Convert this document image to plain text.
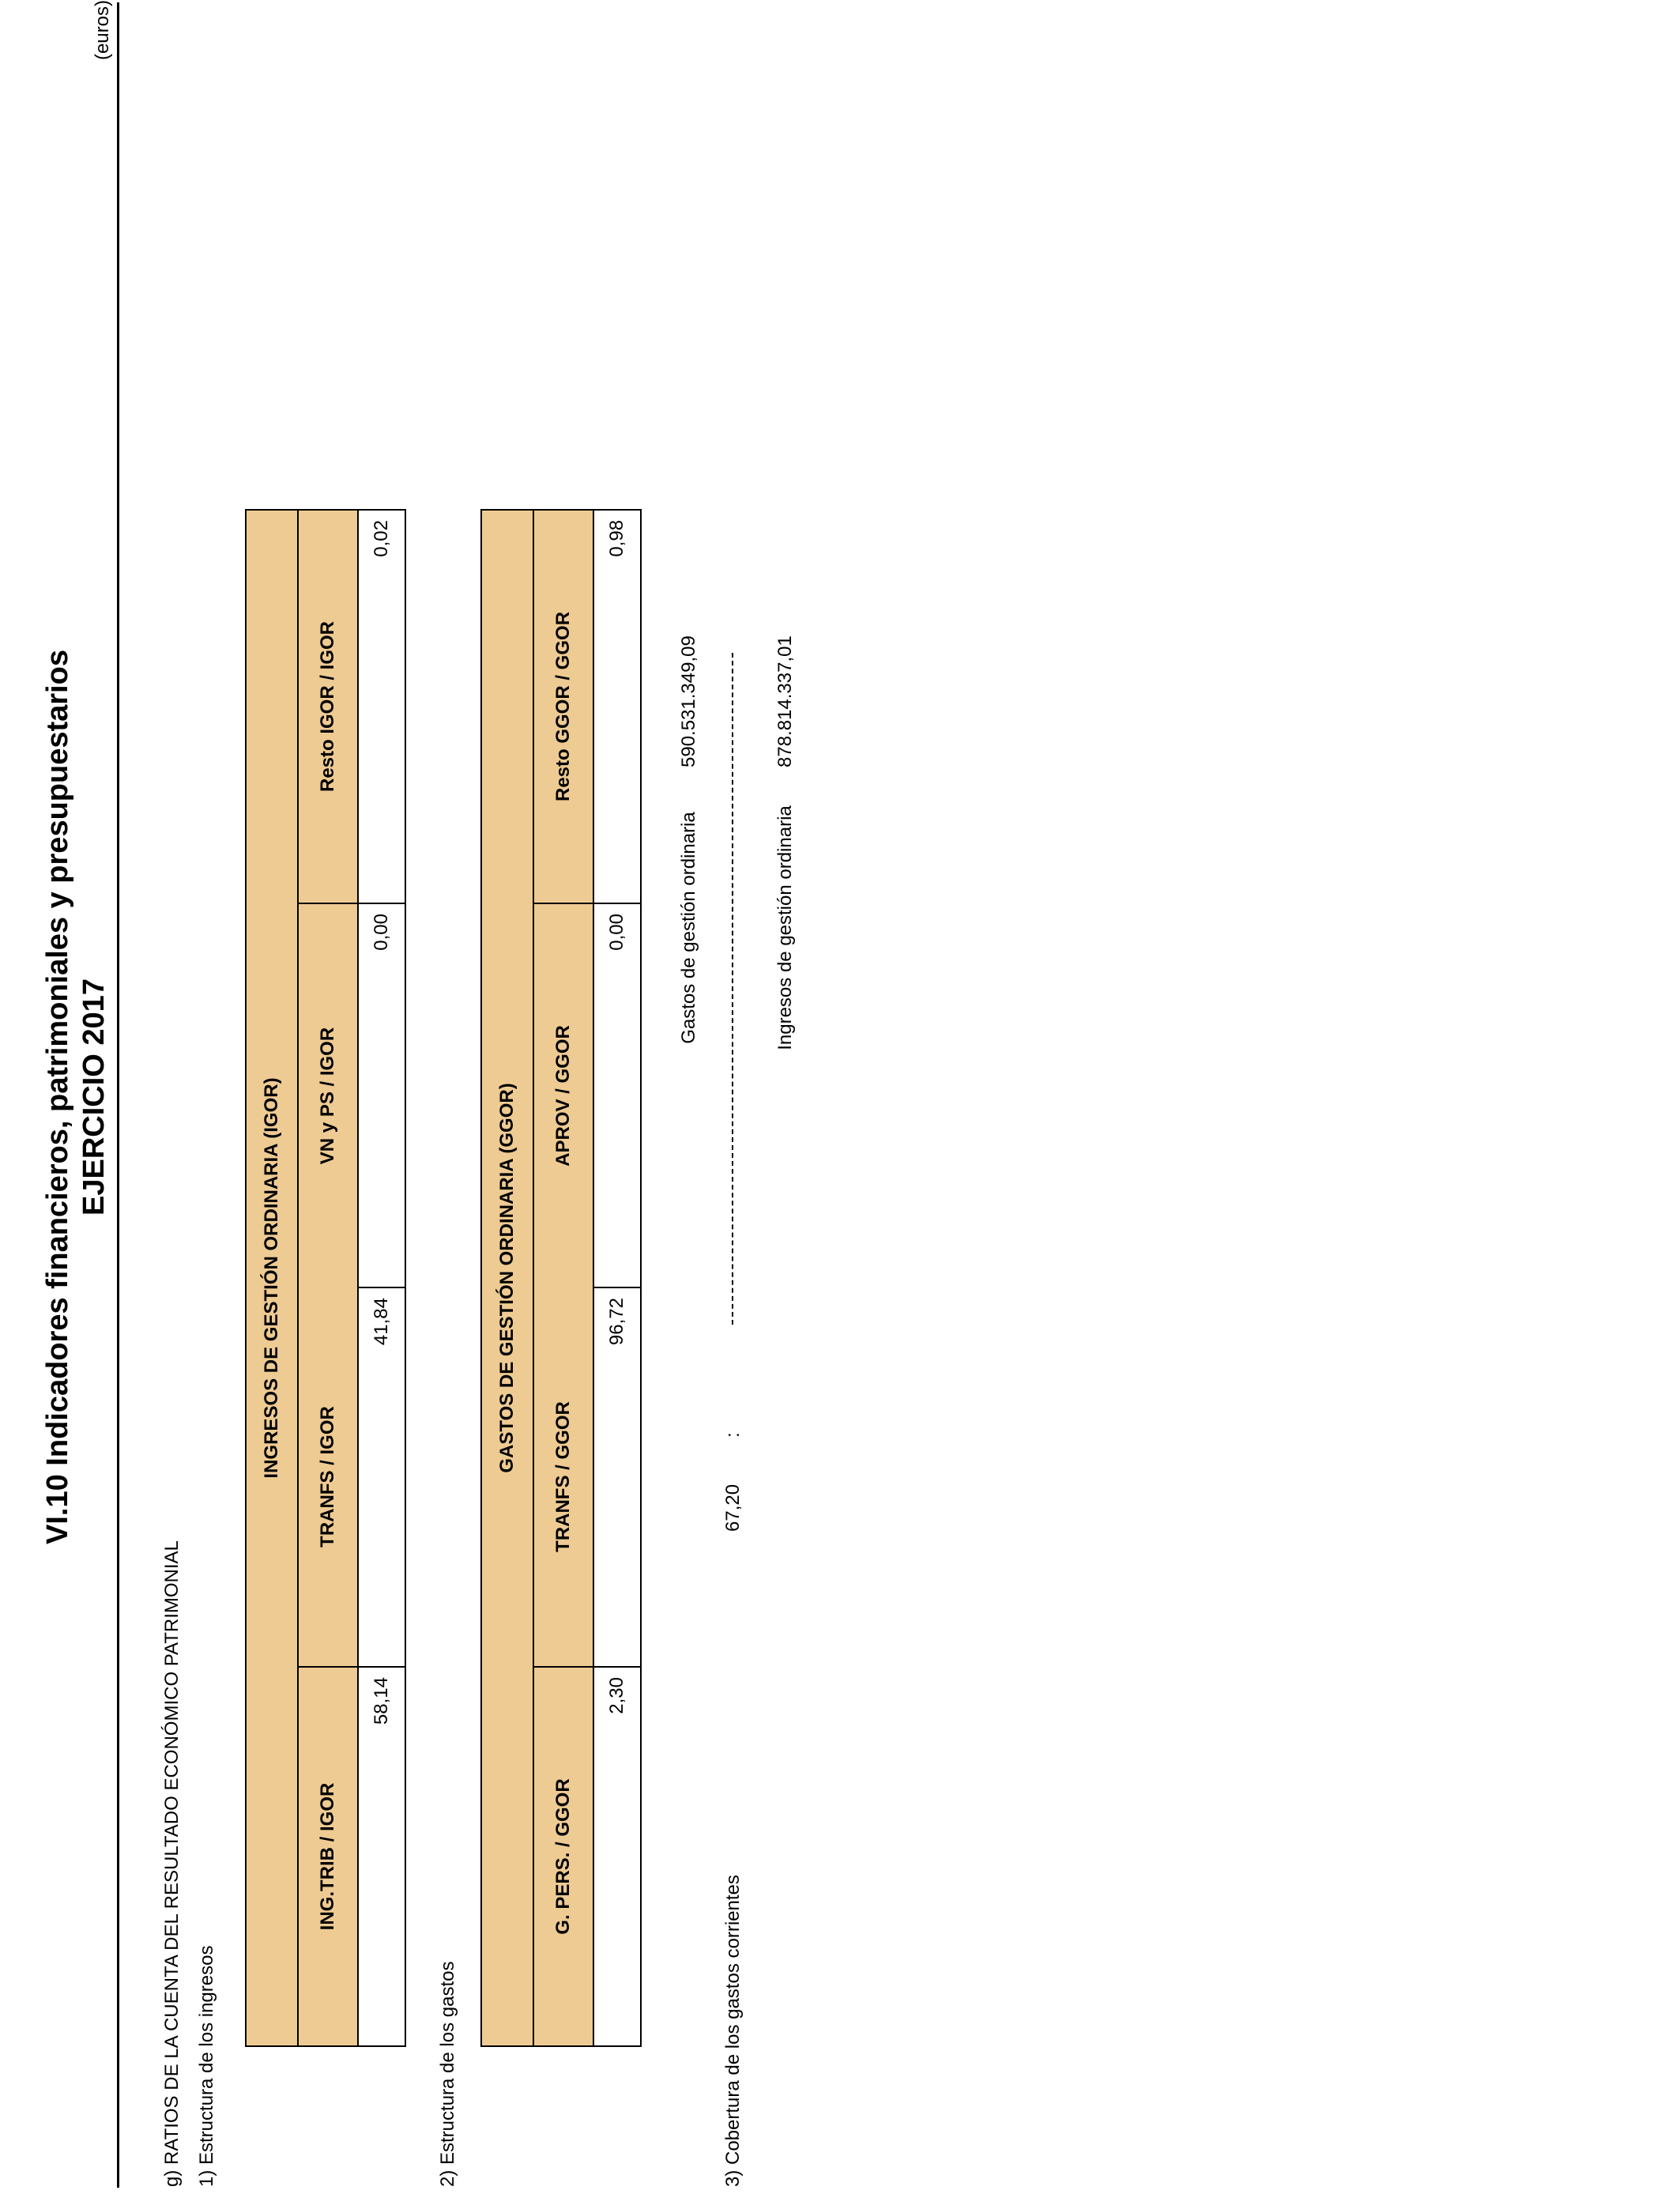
VI.10 Indicadores financieros, patrimoniales y presupuestarios EJERCICIO 2017
(euros)
g) RATIOS DE LA CUENTA DEL RESULTADO ECONÓMICO PATRIMONIAL 1) Estructura de los ingresos
INGRESOS DE GESTIÓN ORDINARIA (IGOR)			
ING.TRIB / IGOR	TRANFS / IGOR	VN y PS / IGOR	Resto IGOR / IGOR
58,14	41,84	0,00	0,02
2) Estructura de los gastos
GASTOS DE GESTIÓN ORDINARIA (GGOR)			
G. PERS. / GGOR	TRANFS / GGOR	APROV / GGOR	Resto GGOR / GGOR
2,30	96,72	0,00	0,98
3) Cobertura de los gastos corrientes
67,20
:
Gastos de gestión ordinaria
590.531.349,09
Ingresos de gestión ordinaria
878.814.337,01
